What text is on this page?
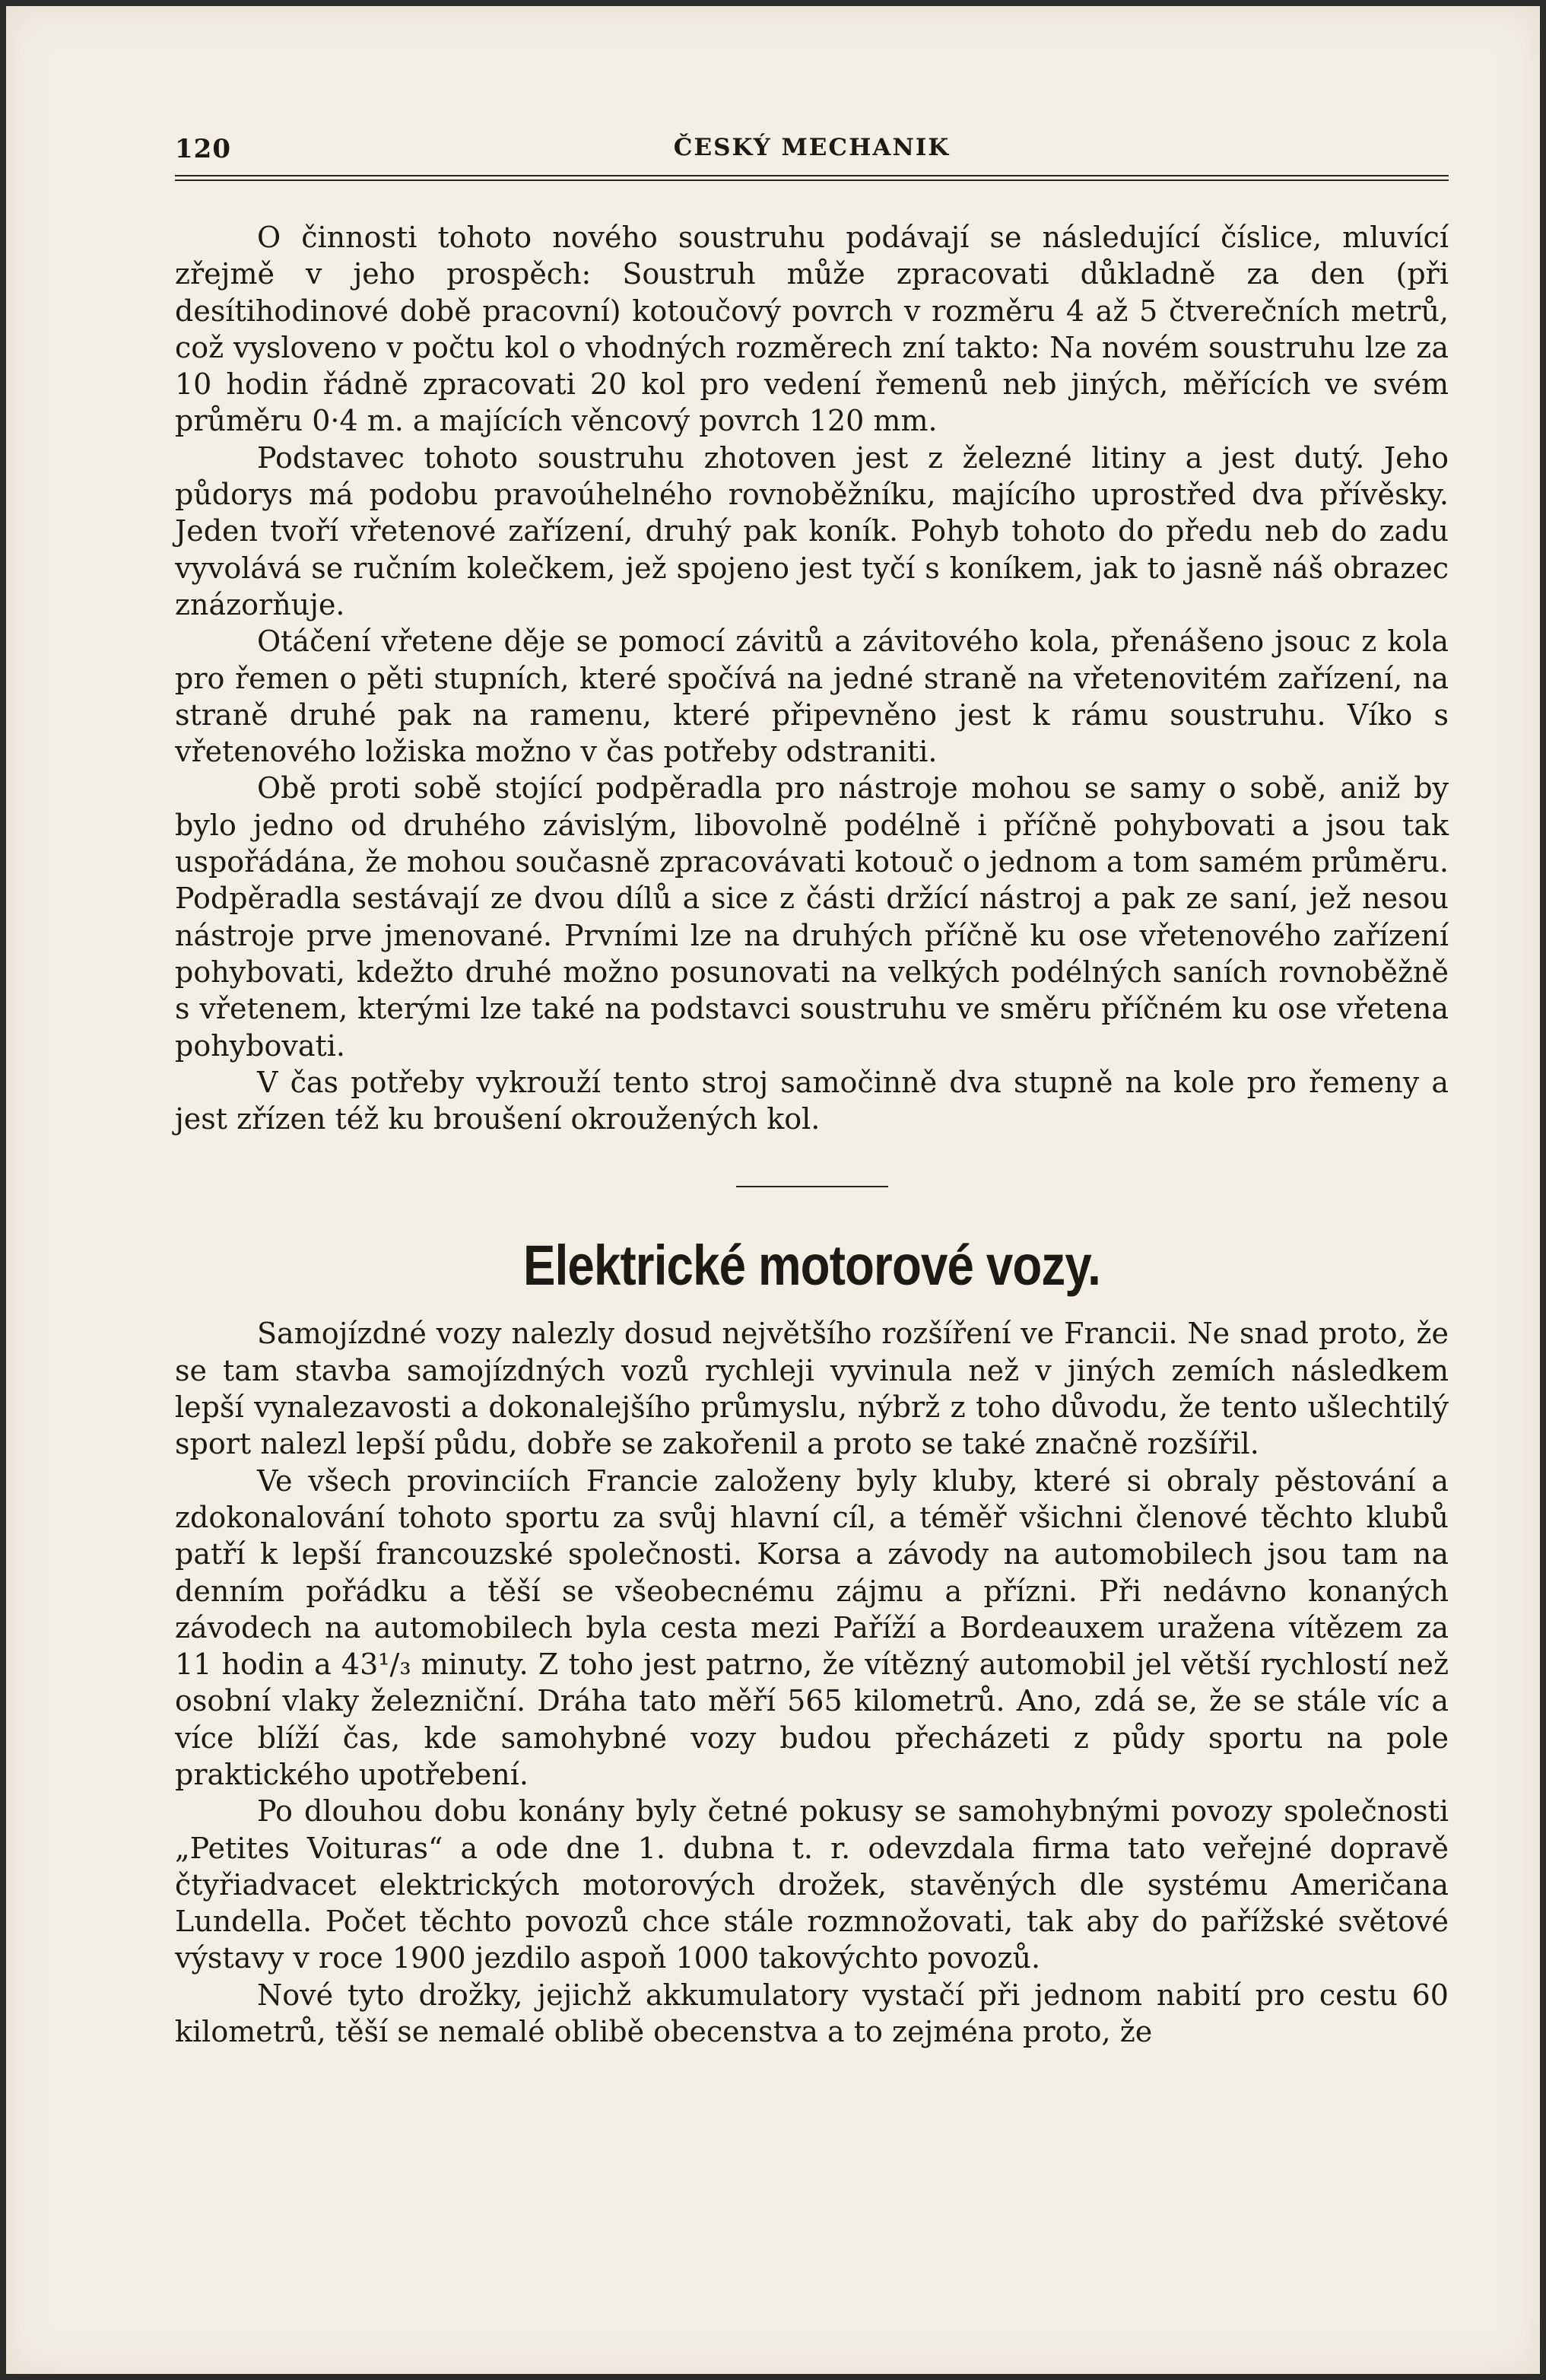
120	ČESKÝ MECHANIK

O činnosti tohoto nového soustruhu podávají se následující číslice, mluvící zřejmě v jeho prospěch: Soustruh může zpracovati důkladně za den (při desítihodinové době pracovní) kotoučový povrch v rozměru 4 až 5 čtverečních metrů, což vysloveno v počtu kol o vhodných rozměrech zní takto: Na novém soustruhu lze za 10 hodin řádně zpracovati 20 kol pro vedení řemenů neb jiných, měřících ve svém průměru 0·4 m. a majících věncový povrch 120 mm.

Podstavec tohoto soustruhu zhotoven jest z železné litiny a jest dutý. Jeho půdorys má podobu pravoúhelného rovnoběžníku, majícího uprostřed dva přívěsky. Jeden tvoří vřetenové zařízení, druhý pak koník. Pohyb tohoto do předu neb do zadu vyvolává se ručním kolečkem, jež spojeno jest tyčí s koníkem, jak to jasně náš obrazec znázorňuje.

Otáčení vřetene děje se pomocí závitů a závitového kola, přenášeno jsouc z kola pro řemen o pěti stupních, které spočívá na jedné straně na vřetenovitém zařízení, na straně druhé pak na ramenu, které připevněno jest k rámu soustruhu. Víko s vřetenového ložiska možno v čas potřeby odstraniti.

Obě proti sobě stojící podpěradla pro nástroje mohou se samy o sobě, aniž by bylo jedno od druhého závislým, libovolně podélně i příčně pohybovati a jsou tak uspořádána, že mohou současně zpracovávati kotouč o jednom a tom samém průměru. Podpěradla sestávají ze dvou dílů a sice z části držící nástroj a pak ze saní, jež nesou nástroje prve jmenované. Prvními lze na druhých příčně ku ose vřetenového zařízení pohybovati, kdežto druhé možno posunovati na velkých podélných saních rovnoběžně s vřetenem, kterými lze také na podstavci soustruhu ve směru příčném ku ose vřetena pohybovati.

V čas potřeby vykrouží tento stroj samočinně dva stupně na kole pro řemeny a jest zřízen též ku broušení okroužených kol.

Elektrické motorové vozy.

Samojízdné vozy nalezly dosud největšího rozšíření ve Francii. Ne snad proto, že se tam stavba samojízdných vozů rychleji vyvinula než v jiných zemích následkem lepší vynalezavosti a dokonalejšího průmyslu, nýbrž z toho důvodu, že tento ušlechtilý sport nalezl lepší půdu, dobře se zakořenil a proto se také značně rozšířil.

Ve všech provinciích Francie založeny byly kluby, které si obraly pěstování a zdokonalování tohoto sportu za svůj hlavní cíl, a téměř všichni členové těchto klubů patří k lepší francouzské společnosti. Korsa a závody na automobilech jsou tam na denním pořádku a těší se všeobecnému zájmu a přízni. Při nedávno konaných závodech na automobilech byla cesta mezi Paříží a Bordeauxem uražena vítězem za 11 hodin a 43¹/₃ minuty. Z toho jest patrno, že vítězný automobil jel větší rychlostí než osobní vlaky železniční. Dráha tato měří 565 kilometrů. Ano, zdá se, že se stále víc a více blíží čas, kde samohybné vozy budou přecházeti z půdy sportu na pole praktického upotřebení.

Po dlouhou dobu konány byly četné pokusy se samohybnými povozy společnosti „Petites Voituras“ a ode dne 1. dubna t. r. odevzdala firma tato veřejné dopravě čtyřiadvacet elektrických motorových drožek, stavěných dle systému Američana Lundella. Počet těchto povozů chce stále rozmnožovati, tak aby do pařížské světové výstavy v roce 1900 jezdilo aspoň 1000 takovýchto povozů.

Nové tyto drožky, jejichž akkumulatory vystačí při jednom nabití pro cestu 60 kilometrů, těší se nemalé oblibě obecenstva a to zejména proto, že
